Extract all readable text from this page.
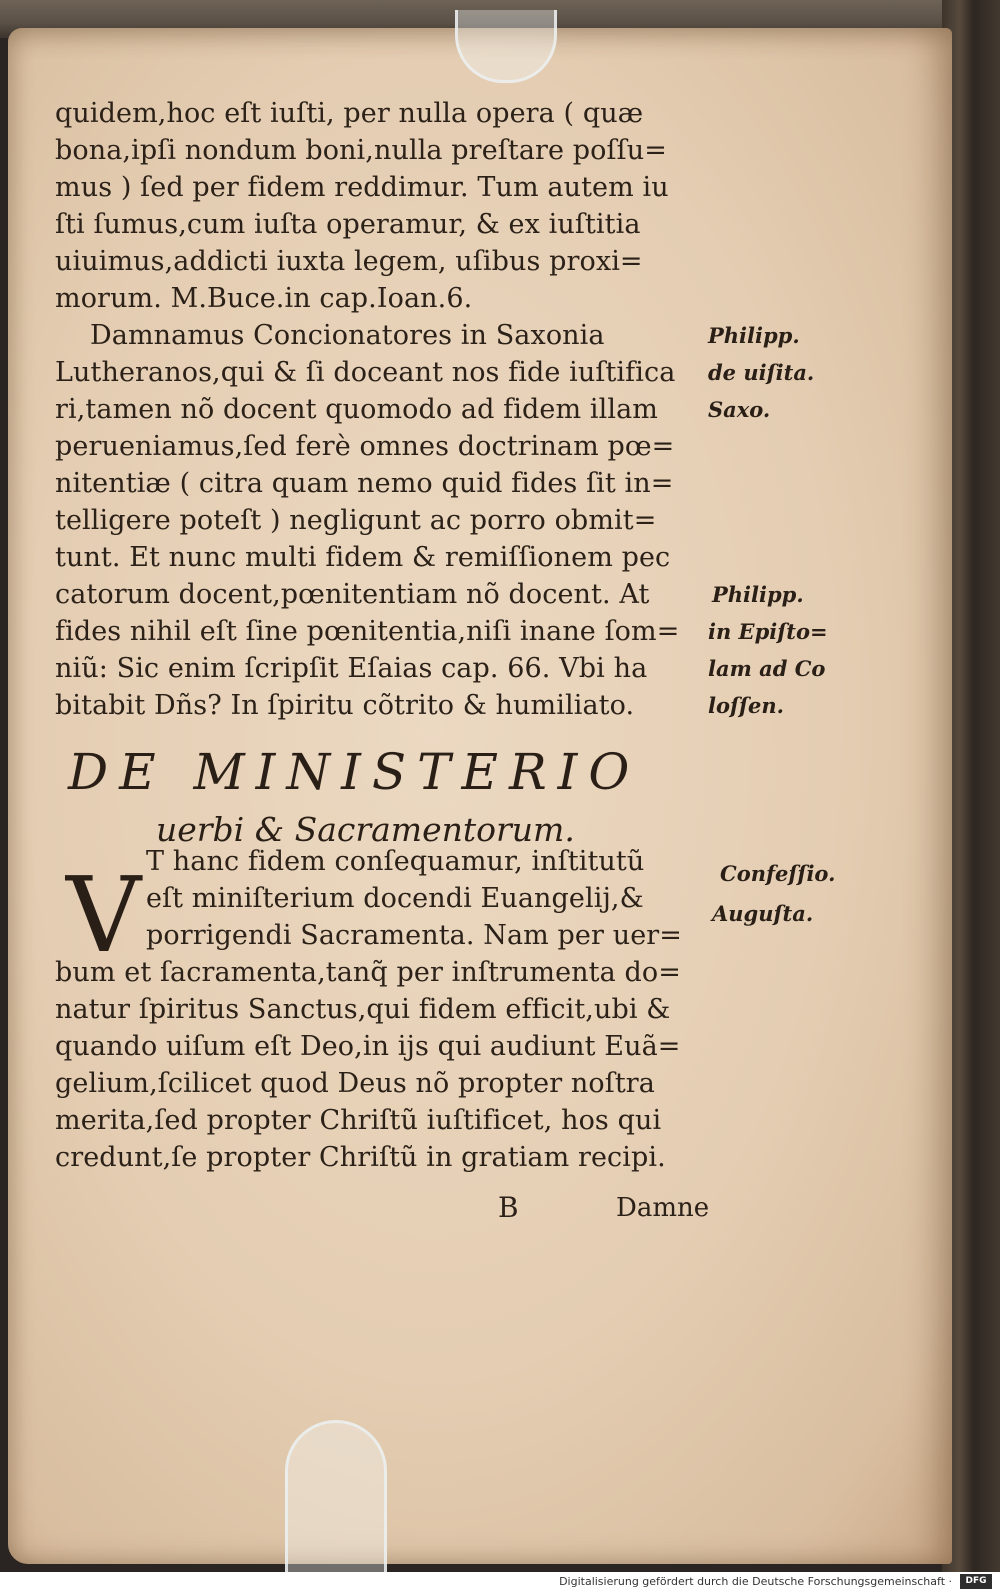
quidem,hoc eſt iuſti, per nulla opera ( quæ

bona,ipſi nondum boni,nulla preſtare poſſu=

mus ) ſed per fidem reddimur. Tum autem iu

ſti ſumus,cum iuſta operamur, & ex iuſtitia

uiuimus,addicti iuxta legem, uſibus proxi=

morum. M.Buce.in cap.Ioan.6.

Damnamus Concionatores in Saxonia

Lutheranos,qui & ſi doceant nos fide iuſtifica

ri,tamen nõ docent quomodo ad fidem illam

perueniamus,ſed ferè omnes doctrinam pœ=

nitentiæ ( citra quam nemo quid fides ſit in=

telligere poteſt ) negligunt ac porro obmit=

tunt. Et nunc multi fidem & remiſſionem pec

catorum docent,pœnitentiam nõ docent. At

fides nihil eſt ſine pœnitentia,niſi inane ſom=

niũ: Sic enim ſcripſit Eſaias cap. 66. Vbi ha

bitabit Dñs? In ſpiritu cõtrito & humiliato.

Philipp.

de uiſita.

Saxo.

Philipp.

in Epiſto=

lam ad Co

loſſen.

DE MINISTERIO

uerbi & Sacramentorum.

V T hanc fidem conſequamur, inſtitutũ

eſt miniſterium docendi Euangelij,&

porrigendi Sacramenta. Nam per uer=

bum et ſacramenta,tanq̃ per inſtrumenta do=

natur ſpiritus Sanctus,qui fidem efficit,ubi &

quando uiſum eſt Deo,in ijs qui audiunt Euã=

gelium,ſcilicet quod Deus nõ propter noſtra

merita,ſed propter Chriſtũ iuſtificet, hos qui

credunt,ſe propter Chriſtũ in gratiam recipi.

Confeſſio.

Auguſta.

B	Damne

Digitalisierung gefördert durch die Deutsche Forschungsgemeinschaft ·	DFG
